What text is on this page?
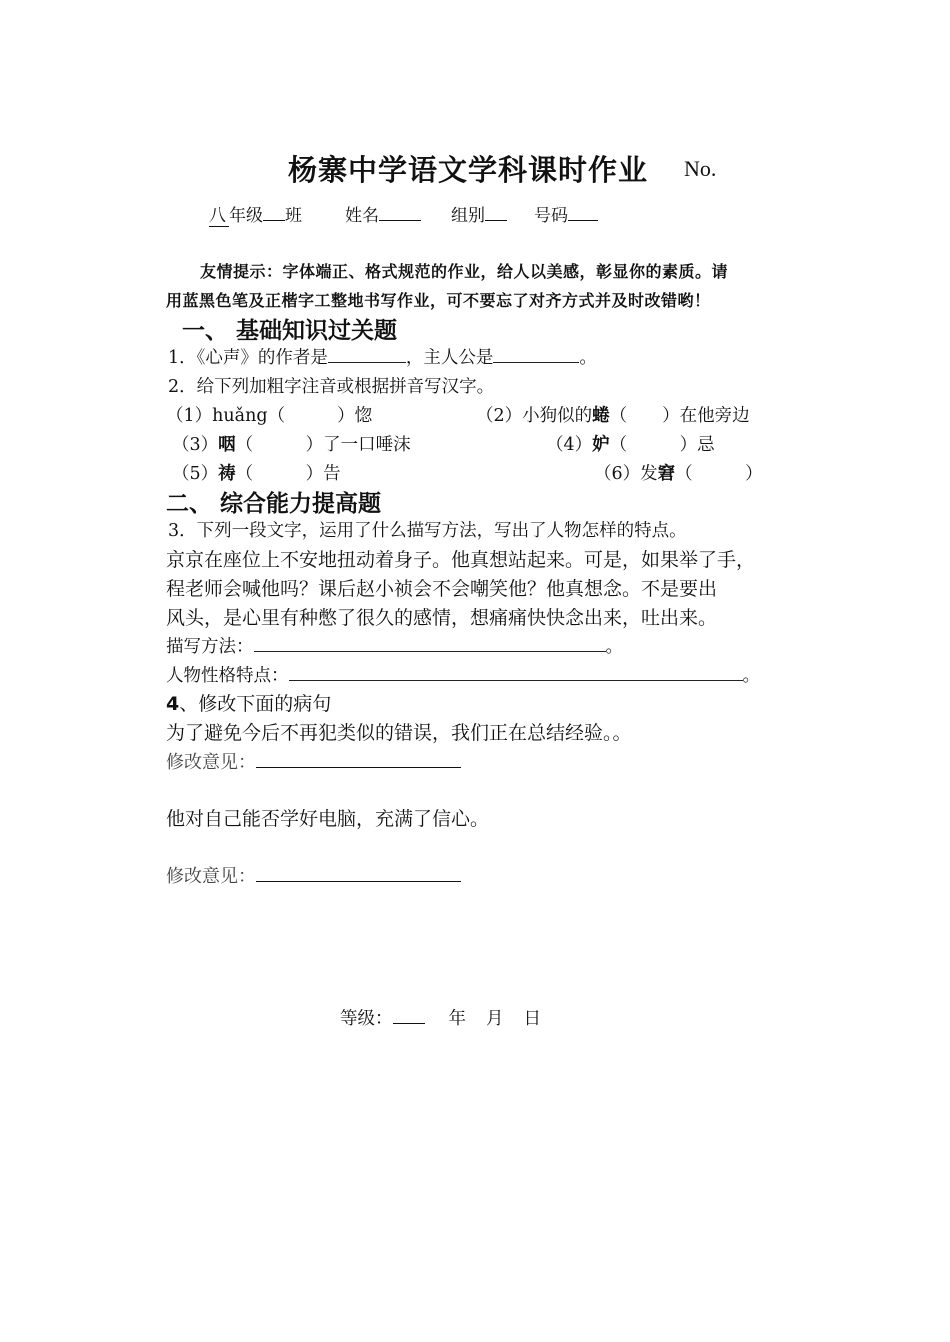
杨寨中学语文学科课时作业 No.
八 年级 班	姓名	组别	号码
友情提示：字体端正、格式规范的作业，给人以美感，彰显你的素质。请
用蓝黑色笔及正楷字工整地书写作业，可不要忘了对齐方式并及时改错哟！
一、 基础知识过关题
1．《心声》的作者是	，主人公是	。
2．给下列加粗字注音或根据拼音写汉字。
（1）huǎng（	）惚	（2）小狗似的蜷（　　）在他旁边
（3）咽（　　　）了一口唾沫	（4）妒（　　　）忌
（5）祷（　　　）告	（6）发窘（　　　）
二、 综合能力提高题
3．下列一段文字，运用了什么描写方法，写出了人物怎样的特点。
京京在座位上不安地扭动着身子。他真想站起来。可是，如果举了手，
程老师会喊他吗？课后赵小祯会不会嘲笑他？他真想念。不是要出
风头，是心里有种憋了很久的感情，想痛痛快快念出来，吐出来。
描写方法：	。
人物性格特点：	。
4、修改下面的病句
为了避免今后不再犯类似的错误，我们正在总结经验。。
修改意见：
他对自己能否学好电脑，充满了信心。
修改意见：
等级：	年 月 日
